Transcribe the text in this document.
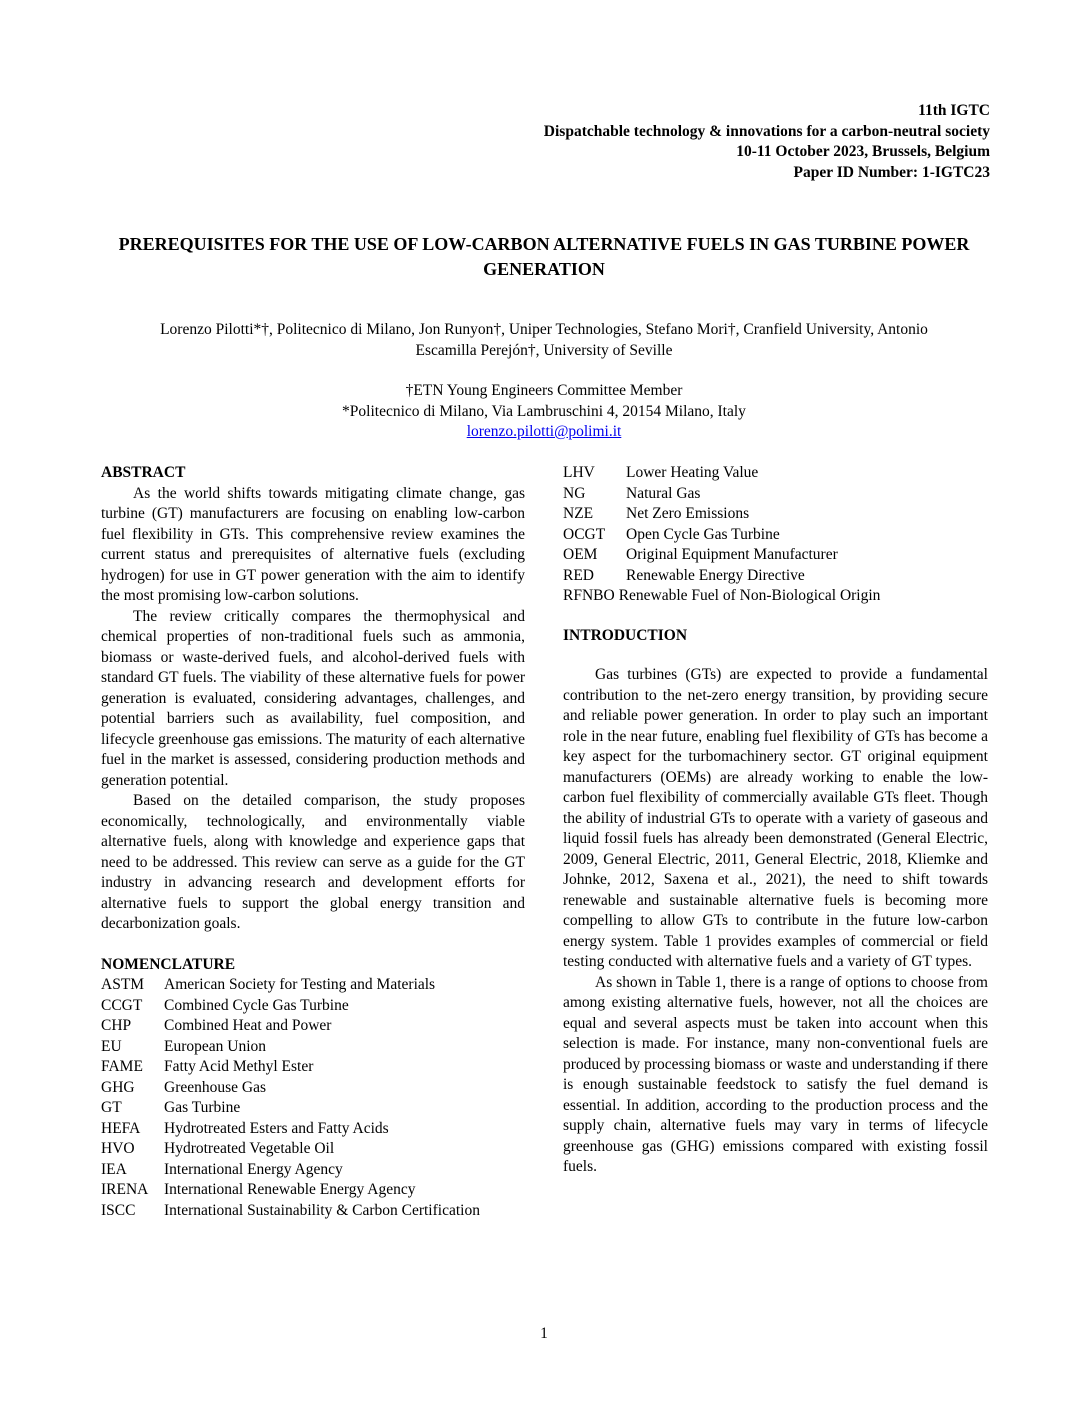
11th IGTC
Dispatchable technology & innovations for a carbon-neutral society
10-11 October 2023, Brussels, Belgium
Paper ID Number: 1-IGTC23
PREREQUISITES FOR THE USE OF LOW-CARBON ALTERNATIVE FUELS IN GAS TURBINE POWER GENERATION
Lorenzo Pilotti*†, Politecnico di Milano, Jon Runyon†, Uniper Technologies, Stefano Mori†, Cranfield University, Antonio
Escamilla Perejón†, University of Seville
†ETN Young Engineers Committee Member
*Politecnico di Milano, Via Lambruschini 4, 20154 Milano, Italy
lorenzo.pilotti@polimi.it
ABSTRACT

As the world shifts towards mitigating climate change, gas turbine (GT) manufacturers are focusing on enabling low-carbon fuel flexibility in GTs. This comprehensive review examines the current status and prerequisites of alternative fuels (excluding hydrogen) for use in GT power generation with the aim to identify the most promising low-carbon solutions.

The review critically compares the thermophysical and chemical properties of non-traditional fuels such as ammonia, biomass or waste-derived fuels, and alcohol-derived fuels with standard GT fuels. The viability of these alternative fuels for power generation is evaluated, considering advantages, challenges, and potential barriers such as availability, fuel composition, and lifecycle greenhouse gas emissions. The maturity of each alternative fuel in the market is assessed, considering production methods and generation potential.

Based on the detailed comparison, the study proposes economically, technologically, and environmentally viable alternative fuels, along with knowledge and experience gaps that need to be addressed. This review can serve as a guide for the GT industry in advancing research and development efforts for alternative fuels to support the global energy transition and decarbonization goals.

NOMENCLATURE
ASTM	American Society for Testing and Materials
CCGT	Combined Cycle Gas Turbine
CHP	Combined Heat and Power
EU	European Union
FAME	Fatty Acid Methyl Ester
GHG	Greenhouse Gas
GT	Gas Turbine
HEFA	Hydrotreated Esters and Fatty Acids
HVO	Hydrotreated Vegetable Oil
IEA	International Energy Agency
IRENA	International Renewable Energy Agency
ISCC	International Sustainability & Carbon Certification
LHV	Lower Heating Value
NG	Natural Gas
NZE	Net Zero Emissions
OCGT	Open Cycle Gas Turbine
OEM	Original Equipment Manufacturer
RED	Renewable Energy Directive
RFNBO Renewable Fuel of Non-Biological Origin
INTRODUCTION

Gas turbines (GTs) are expected to provide a fundamental contribution to the net-zero energy transition, by providing secure and reliable power generation. In order to play such an important role in the near future, enabling fuel flexibility of GTs has become a key aspect for the turbomachinery sector. GT original equipment manufacturers (OEMs) are already working to enable the low-carbon fuel flexibility of commercially available GTs fleet. Though the ability of industrial GTs to operate with a variety of gaseous and liquid fossil fuels has already been demonstrated (General Electric, 2009, General Electric, 2011, General Electric, 2018, Kliemke and Johnke, 2012, Saxena et al., 2021), the need to shift towards renewable and sustainable alternative fuels is becoming more compelling to allow GTs to contribute in the future low-carbon energy system. Table 1 provides examples of commercial or field testing conducted with alternative fuels and a variety of GT types.

As shown in Table 1, there is a range of options to choose from among existing alternative fuels, however, not all the choices are equal and several aspects must be taken into account when this selection is made. For instance, many non-conventional fuels are produced by processing biomass or waste and understanding if there is enough sustainable feedstock to satisfy the fuel demand is essential. In addition, according to the production process and the supply chain, alternative fuels may vary in terms of lifecycle greenhouse gas (GHG) emissions compared with existing fossil fuels.

1
